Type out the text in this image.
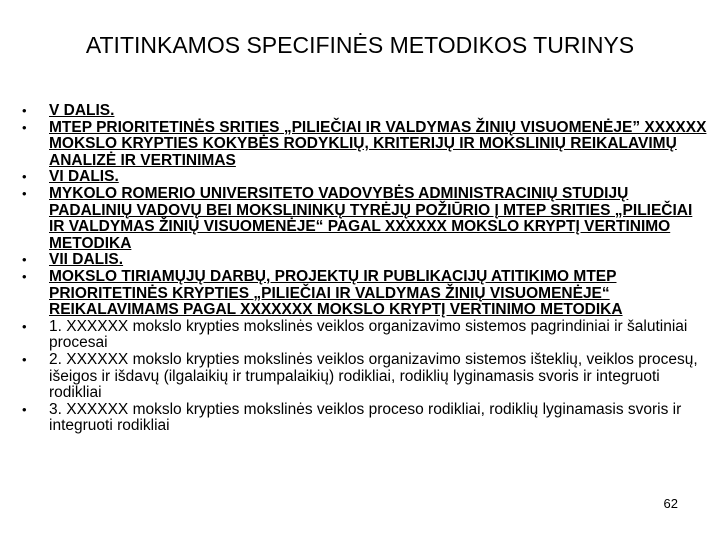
ATITINKAMOS SPECIFINĖS METODIKOS TURINYS
• V DALIS.
• MTEP PRIORITETINĖS SRITIES „PILIEČIAI IR VALDYMAS ŽINIŲ VISUOMENĖJE” XXXXXX MOKSLO KRYPTIES KOKYBĖS RODYKLIŲ, KRITERIJŲ IR MOKSLINIŲ REIKALAVIMŲ ANALIZĖ IR VERTINIMAS
• VI DALIS.
• MYKOLO ROMERIO UNIVERSITETO VADOVYBĖS ADMINISTRACINIŲ STUDIJŲ PADALINIŲ VADOVŲ BEI MOKSLININKŲ TYRĖJŲ POŽIŪRIO Į MTEP SRITIES „PILIEČIAI IR VALDYMAS ŽINIŲ VISUOMENĖJE“ PAGAL XXXXXX MOKSLO KRYPTĮ VERTINIMO METODIKA
• VII DALIS.
• MOKSLO TIRIAMŲJŲ DARBŲ, PROJEKTŲ IR PUBLIKACIJŲ ATITIKIMO MTEP PRIORITETINĖS KRYPTIES „PILIEČIAI IR VALDYMAS ŽINIŲ VISUOMENĖJE“ REIKALAVIMAMS PAGAL XXXXXXX MOKSLO KRYPTĮ VERTINIMO METODIKA
• 1. XXXXXX mokslo krypties mokslinės veiklos organizavimo sistemos pagrindiniai ir šalutiniai procesai
• 2. XXXXXX mokslo krypties mokslinės veiklos organizavimo sistemos išteklių, veiklos procesų, išeigos ir išdavų (ilgalaikių ir trumpalaikių) rodikliai, rodiklių lyginamasis svoris ir integruoti rodikliai
• 3. XXXXXX mokslo krypties mokslinės veiklos proceso rodikliai, rodiklių lyginamasis svoris ir integruoti rodikliai
62
